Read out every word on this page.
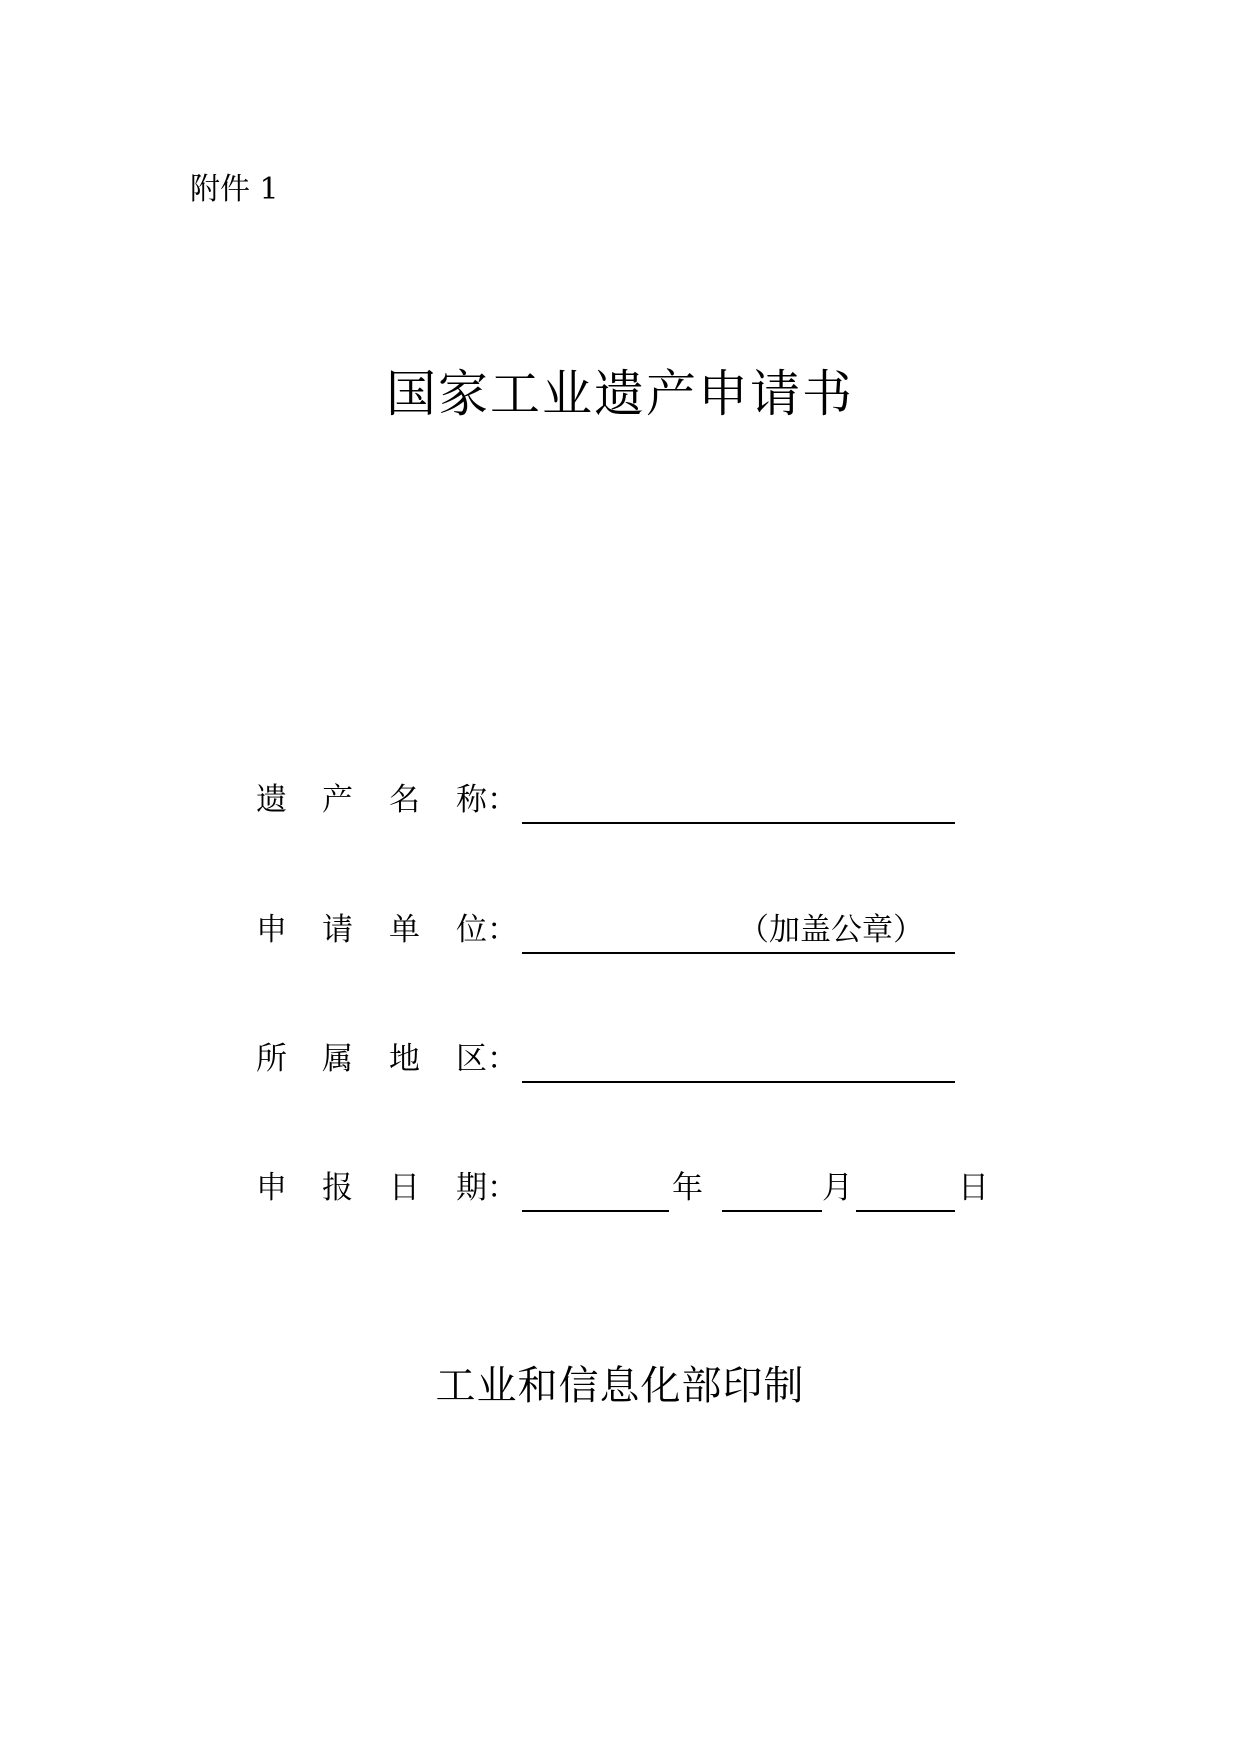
附件 1
国家工业遗产申请书
遗 产 名 称：
申 请 单 位：	（加盖公章）
所 属 地 区：
申 报 日 期：	年	月	日
工业和信息化部印制
